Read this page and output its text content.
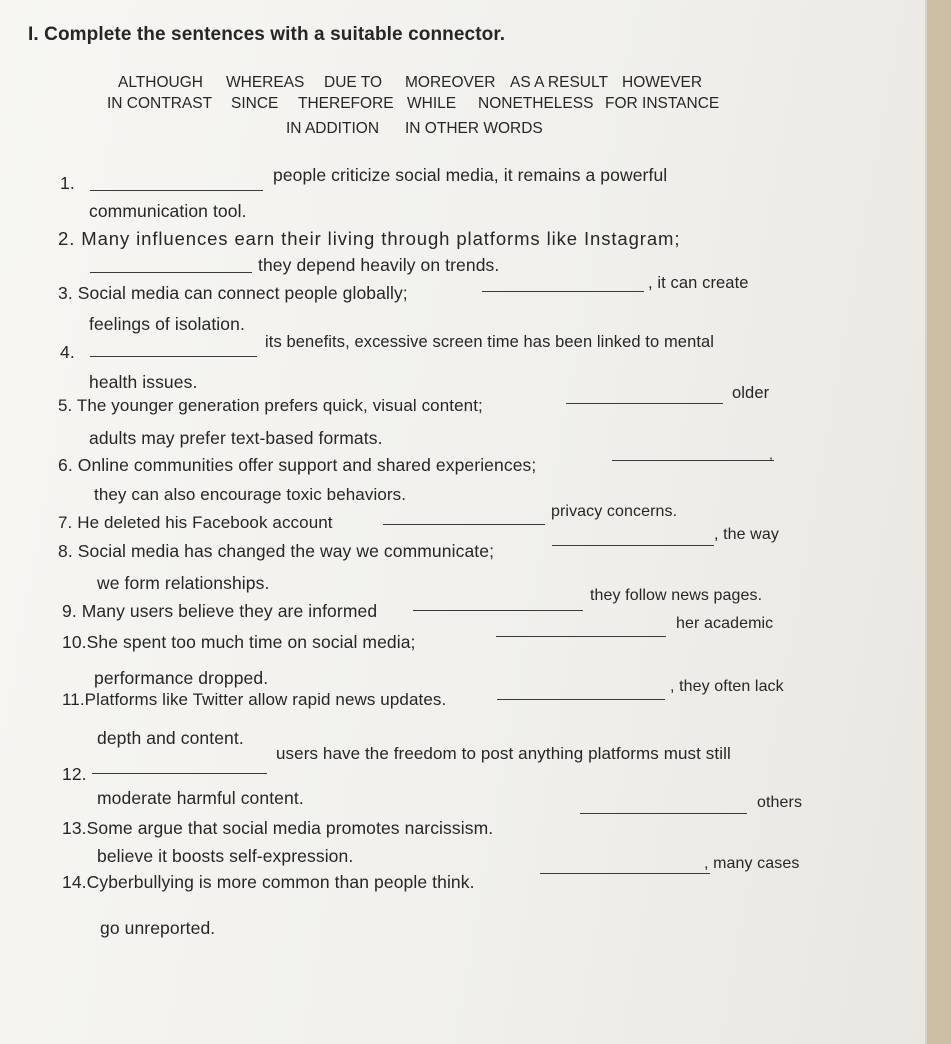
I. Complete the sentences with a suitable connector.
ALTHOUGH WHEREAS DUE TO MOREOVER AS A RESULT HOWEVER
IN CONTRAST SINCE THEREFORE WHILE NONETHELESS FOR INSTANCE
IN ADDITION IN OTHER WORDS
1.	people criticize social media, it remains a powerful
communication tool.
2. Many influences earn their living through platforms like Instagram;
they depend heavily on trends.
3. Social media can connect people globally;	, it can create
feelings of isolation.
4.	its benefits, excessive screen time has been linked to mental
health issues.
5. The younger generation prefers quick, visual content;
older
adults may prefer text-based formats.
6. Online communities offer support and shared experiences;
,
they can also encourage toxic behaviors.
7. He deleted his Facebook account
privacy concerns.
8. Social media has changed the way we communicate;
, the way
we form relationships.
9. Many users believe they are informed
they follow news pages.
10.She spent too much time on social media;
her academic
performance dropped.
11.Platforms like Twitter allow rapid news updates.
, they often lack
depth and content.
12.
users have the freedom to post anything platforms must still
moderate harmful content.
13.Some argue that social media promotes narcissism.
others
believe it boosts self-expression.
14.Cyberbullying is more common than people think.
, many cases
go unreported.
